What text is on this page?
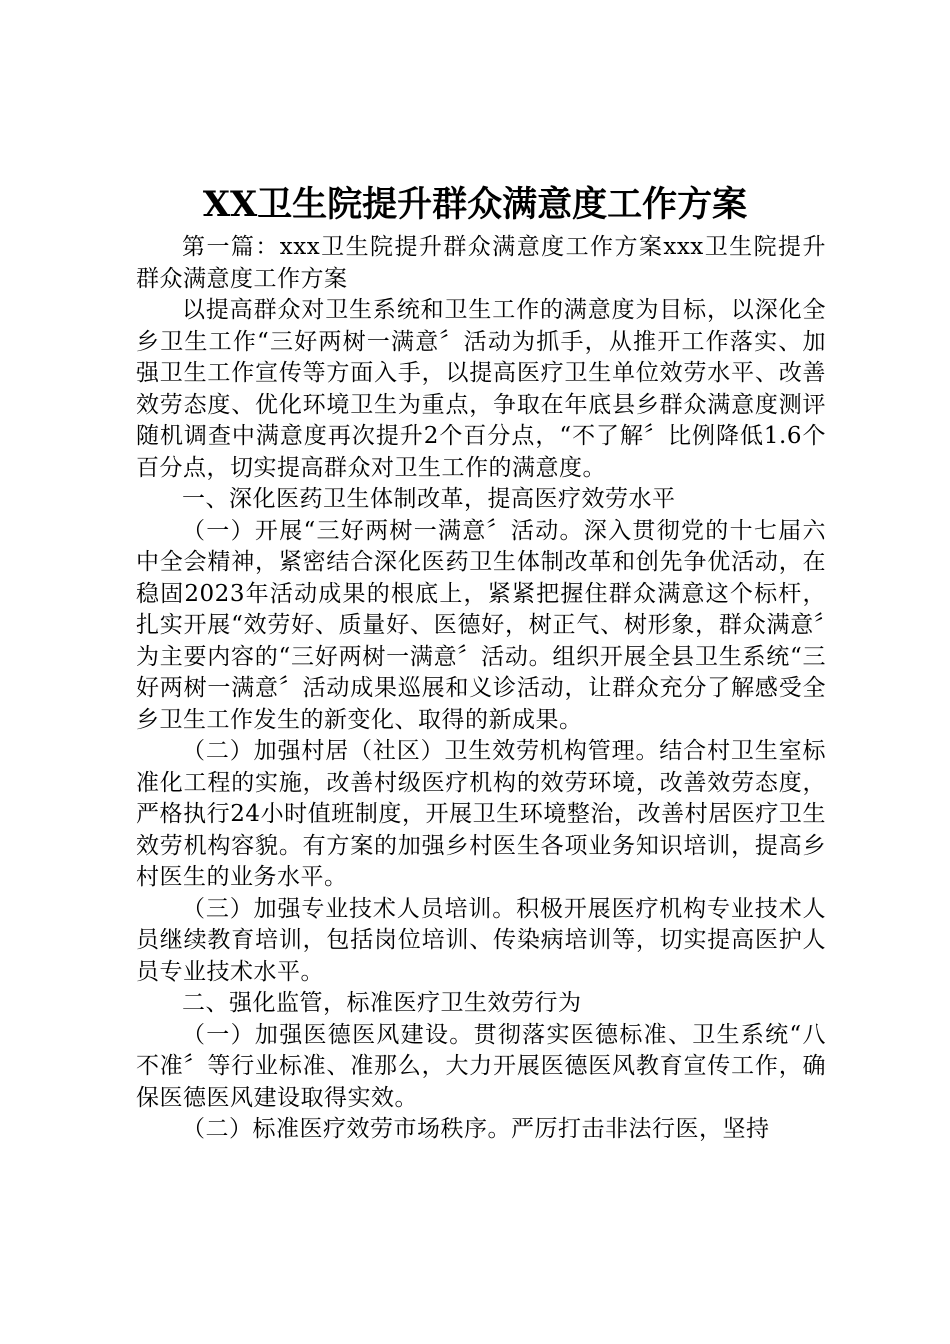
XX卫生院提升群众满意度工作方案

第一篇：xxx卫生院提升群众满意度工作方案xxx卫生院提升群众满意度工作方案

以提高群众对卫生系统和卫生工作的满意度为目标，以深化全乡卫生工作“三好两树一满意〞活动为抓手，从推开工作落实、加强卫生工作宣传等方面入手，以提高医疗卫生单位效劳水平、改善效劳态度、优化环境卫生为重点，争取在年底县乡群众满意度测评　　随机调查中满意度再次提升2个百分点，“不了解〞比例降低1.6个百分点，切实提高群众对卫生工作的满意度。

一、深化医药卫生体制改革，提高医疗效劳水平

（一）开展“三好两树一满意〞活动。深入贯彻党的十七届六中全会精神，紧密结合深化医药卫生体制改革和创先争优活动，在稳固2023年活动成果的根底上，紧紧把握住群众满意这个标杆，扎实开展“效劳好、质量好、医德好，树正气、树形象，群众满意〞为主要内容的“三好两树一满意〞活动。组织开展全县卫生系统“三好两树一满意〞活动成果巡展和义诊活动，让群众充分了解感受全乡卫生工作发生的新变化、取得的新成果。

（二）加强村居（社区）卫生效劳机构管理。结合村卫生室标准化工程的实施，改善村级医疗机构的效劳环境，改善效劳态度，严格执行24小时值班制度，开展卫生环境整治，改善村居医疗卫生效劳机构容貌。有方案的加强乡村医生各项业务知识培训，提高乡村医生的业务水平。

（三）加强专业技术人员培训。积极开展医疗机构专业技术人员继续教育培训，包括岗位培训、传染病培训等，切实提高医护人员专业技术水平。

二、强化监管，标准医疗卫生效劳行为

（一）加强医德医风建设。贯彻落实医德标准、卫生系统“八不准〞等行业标准、准那么，大力开展医德医风教育宣传工作，确保医德医风建设取得实效。

（二）标准医疗效劳市场秩序。严厉打击非法行医，坚持
